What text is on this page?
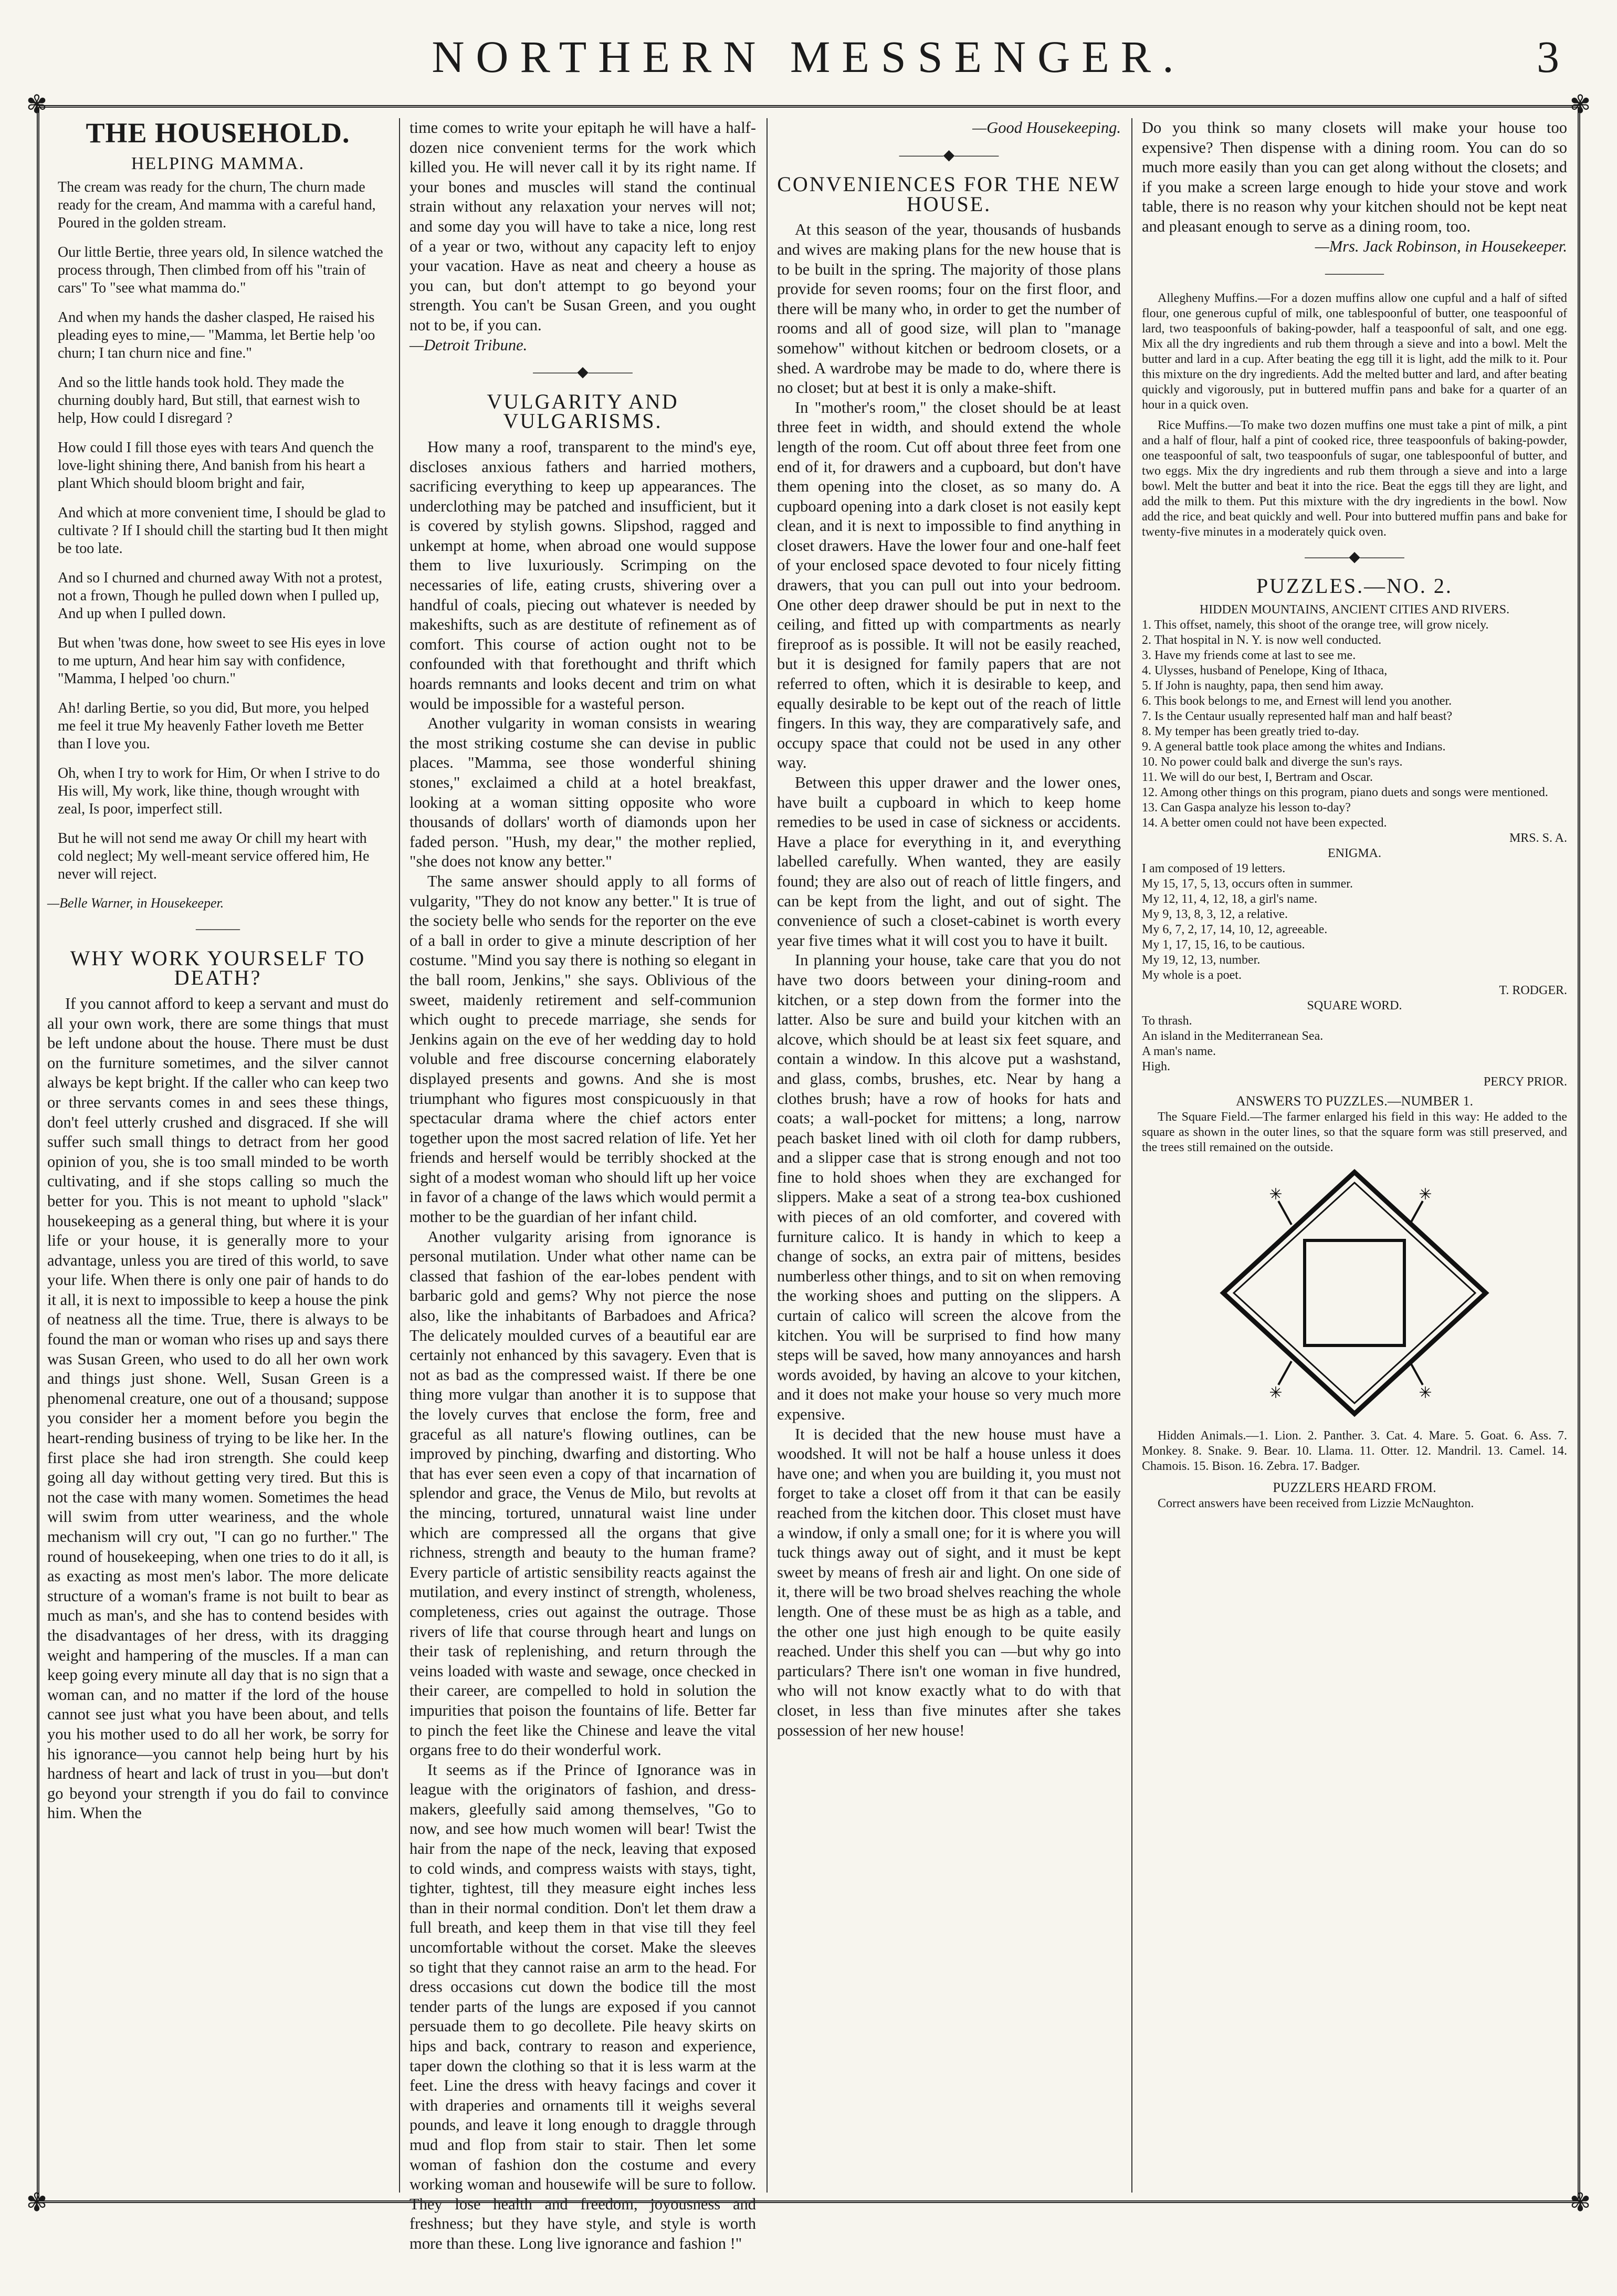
NORTHERN MESSENGER.	3
✾	✾
✾	✾
THE HOUSEHOLD.
HELPING MAMMA.

The cream was ready for the churn, The churn made ready for the cream, And mamma with a careful hand, Poured in the golden stream.

Our little Bertie, three years old, In silence watched the process through, Then climbed from off his "train of cars" To "see what mamma do."

And when my hands the dasher clasped, He raised his pleading eyes to mine,— "Mamma, let Bertie help 'oo churn; I tan churn nice and fine."

And so the little hands took hold. They made the churning doubly hard, But still, that earnest wish to help, How could I disregard ?

How could I fill those eyes with tears And quench the love-light shining there, And banish from his heart a plant Which should bloom bright and fair,

And which at more convenient time, I should be glad to cultivate ? If I should chill the starting bud It then might be too late.

And so I churned and churned away With not a protest, not a frown, Though he pulled down when I pulled up, And up when I pulled down.

But when 'twas done, how sweet to see His eyes in love to me upturn, And hear him say with confidence, "Mamma, I helped 'oo churn."

Ah! darling Bertie, so you did, But more, you helped me feel it true My heavenly Father loveth me Better than I love you.

Oh, when I try to work for Him, Or when I strive to do His will, My work, like thine, though wrought with zeal, Is poor, imperfect still.

But he will not send me away Or chill my heart with cold neglect; My well-meant service offered him, He never will reject.

—Belle Warner, in Housekeeper.
———
WHY WORK YOURSELF TO DEATH?

If you cannot afford to keep a servant and must do all your own work, there are some things that must be left undone about the house. There must be dust on the furniture sometimes, and the silver cannot always be kept bright. If the caller who can keep two or three servants comes in and sees these things, don't feel utterly crushed and disgraced. If she will suffer such small things to detract from her good opinion of you, she is too small minded to be worth cultivating, and if she stops calling so much the better for you. This is not meant to uphold "slack" housekeeping as a general thing, but where it is your life or your house, it is generally more to your advantage, unless you are tired of this world, to save your life. When there is only one pair of hands to do it all, it is next to impossible to keep a house the pink of neatness all the time. True, there is always to be found the man or woman who rises up and says there was Susan Green, who used to do all her own work and things just shone. Well, Susan Green is a phenomenal creature, one out of a thousand; suppose you consider her a moment before you begin the heart-rending business of trying to be like her. In the first place she had iron strength. She could keep going all day without getting very tired. But this is not the case with many women. Sometimes the head will swim from utter weariness, and the whole mechanism will cry out, "I can go no further." The round of housekeeping, when one tries to do it all, is as exacting as most men's labor. The more delicate structure of a woman's frame is not built to bear as much as man's, and she has to contend besides with the disadvantages of her dress, with its dragging weight and hampering of the muscles. If a man can keep going every minute all day that is no sign that a woman can, and no matter if the lord of the house cannot see just what you have been about, and tells you his mother used to do all her work, be sorry for his ignorance—you cannot help being hurt by his hardness of heart and lack of trust in you—but don't go beyond your strength if you do fail to convince him. When the

time comes to write your epitaph he will have a half-dozen nice convenient terms for the work which killed you. He will never call it by its right name. If your bones and muscles will stand the continual strain without any relaxation your nerves will not; and some day you will have to take a nice, long rest of a year or two, without any capacity left to enjoy your vacation. Have as neat and cheery a house as you can, but don't attempt to go beyond your strength. You can't be Susan Green, and you ought not to be, if you can.

—Detroit Tribune.
———◆———
VULGARITY AND VULGARISMS.

How many a roof, transparent to the mind's eye, discloses anxious fathers and harried mothers, sacrificing everything to keep up appearances. The underclothing may be patched and insufficient, but it is covered by stylish gowns. Slipshod, ragged and unkempt at home, when abroad one would suppose them to live luxuriously. Scrimping on the necessaries of life, eating crusts, shivering over a handful of coals, piecing out whatever is needed by makeshifts, such as are destitute of refinement as of comfort. This course of action ought not to be confounded with that forethought and thrift which hoards remnants and looks decent and trim on what would be impossible for a wasteful person.

Another vulgarity in woman consists in wearing the most striking costume she can devise in public places. "Mamma, see those wonderful shining stones," exclaimed a child at a hotel breakfast, looking at a woman sitting opposite who wore thousands of dollars' worth of diamonds upon her faded person. "Hush, my dear," the mother replied, "she does not know any better."

The same answer should apply to all forms of vulgarity, "They do not know any better." It is true of the society belle who sends for the reporter on the eve of a ball in order to give a minute description of her costume. "Mind you say there is nothing so elegant in the ball room, Jenkins," she says. Oblivious of the sweet, maidenly retirement and self-communion which ought to precede marriage, she sends for Jenkins again on the eve of her wedding day to hold voluble and free discourse concerning elaborately displayed presents and gowns. And she is most triumphant who figures most conspicuously in that spectacular drama where the chief actors enter together upon the most sacred relation of life. Yet her friends and herself would be terribly shocked at the sight of a modest woman who should lift up her voice in favor of a change of the laws which would permit a mother to be the guardian of her infant child.

Another vulgarity arising from ignorance is personal mutilation. Under what other name can be classed that fashion of the ear-lobes pendent with barbaric gold and gems? Why not pierce the nose also, like the inhabitants of Barbadoes and Africa? The delicately moulded curves of a beautiful ear are certainly not enhanced by this savagery. Even that is not as bad as the compressed waist. If there be one thing more vulgar than another it is to suppose that the lovely curves that enclose the form, free and graceful as all nature's flowing outlines, can be improved by pinching, dwarfing and distorting. Who that has ever seen even a copy of that incarnation of splendor and grace, the Venus de Milo, but revolts at the mincing, tortured, unnatural waist line under which are compressed all the organs that give richness, strength and beauty to the human frame? Every particle of artistic sensibility reacts against the mutilation, and every instinct of strength, wholeness, completeness, cries out against the outrage. Those rivers of life that course through heart and lungs on their task of replenishing, and return through the veins loaded with waste and sewage, once checked in their career, are compelled to hold in solution the impurities that poison the fountains of life. Better far to pinch the feet like the Chinese and leave the vital organs free to do their wonderful work.

It seems as if the Prince of Ignorance was in league with the originators of fashion, and dress-makers, gleefully said among themselves, "Go to now, and see how much women will bear! Twist the hair from the nape of the neck, leaving that exposed to cold winds, and compress waists with stays, tight, tighter, tightest, till they measure eight inches less than in their normal condition. Don't let them draw a full breath, and keep them in that vise till they feel uncomfortable without the corset. Make the sleeves so tight that they cannot raise an arm to the head. For dress occasions cut down the bodice till the most tender parts of the lungs are exposed if you cannot persuade them to go decollete. Pile heavy skirts on hips and back, contrary to reason and experience, taper down the clothing so that it is less warm at the feet. Line the dress with heavy facings and cover it with draperies and ornaments till it weighs several pounds, and leave it long enough to draggle through mud and flop from stair to stair. Then let some woman of fashion don the costume and every working woman and housewife will be sure to follow. They lose health and freedom, joyousness and freshness; but they have style, and style is worth more than these. Long live ignorance and fashion !"

—Good Housekeeping.
———◆———
CONVENIENCES FOR THE NEW HOUSE.

At this season of the year, thousands of husbands and wives are making plans for the new house that is to be built in the spring. The majority of those plans provide for seven rooms; four on the first floor, and there will be many who, in order to get the number of rooms and all of good size, will plan to "manage somehow" without kitchen or bedroom closets, or a shed. A wardrobe may be made to do, where there is no closet; but at best it is only a make-shift.

In "mother's room," the closet should be at least three feet in width, and should extend the whole length of the room. Cut off about three feet from one end of it, for drawers and a cupboard, but don't have them opening into the closet, as so many do. A cupboard opening into a dark closet is not easily kept clean, and it is next to impossible to find anything in closet drawers. Have the lower four and one-half feet of your enclosed space devoted to four nicely fitting drawers, that you can pull out into your bedroom. One other deep drawer should be put in next to the ceiling, and fitted up with compartments as nearly fireproof as is possible. It will not be easily reached, but it is designed for family papers that are not referred to often, which it is desirable to keep, and equally desirable to be kept out of the reach of little fingers. In this way, they are comparatively safe, and occupy space that could not be used in any other way.

Between this upper drawer and the lower ones, have built a cupboard in which to keep home remedies to be used in case of sickness or accidents. Have a place for everything in it, and everything labelled carefully. When wanted, they are easily found; they are also out of reach of little fingers, and can be kept from the light, and out of sight. The convenience of such a closet-cabinet is worth every year five times what it will cost you to have it built.

In planning your house, take care that you do not have two doors between your dining-room and kitchen, or a step down from the former into the latter. Also be sure and build your kitchen with an alcove, which should be at least six feet square, and contain a window. In this alcove put a washstand, and glass, combs, brushes, etc. Near by hang a clothes brush; have a row of hooks for hats and coats; a wall-pocket for mittens; a long, narrow peach basket lined with oil cloth for damp rubbers, and a slipper case that is strong enough and not too fine to hold shoes when they are exchanged for slippers. Make a seat of a strong tea-box cushioned with pieces of an old comforter, and covered with furniture calico. It is handy in which to keep a change of socks, an extra pair of mittens, besides numberless other things, and to sit on when removing the working shoes and putting on the slippers. A curtain of calico will screen the alcove from the kitchen. You will be surprised to find how many steps will be saved, how many annoyances and harsh words avoided, by having an alcove to your kitchen, and it does not make your house so very much more expensive.

It is decided that the new house must have a woodshed. It will not be half a house unless it does have one; and when you are building it, you must not forget to take a closet off from it that can be easily reached from the kitchen door. This closet must have a window, if only a small one; for it is where you will tuck things away out of sight, and it must be kept sweet by means of fresh air and light. On one side of it, there will be two broad shelves reaching the whole length. One of these must be as high as a table, and the other one just high enough to be quite easily reached. Under this shelf you can —but why go into particulars? There isn't one woman in five hundred, who will not know exactly what to do with that closet, in less than five minutes after she takes possession of her new house!

Do you think so many closets will make your house too expensive? Then dispense with a dining room. You can do so much more easily than you can get along without the closets; and if you make a screen large enough to hide your stove and work table, there is no reason why your kitchen should not be kept neat and pleasant enough to serve as a dining room, too.

—Mrs. Jack Robinson, in Housekeeper.
————

Allegheny Muffins.—For a dozen muffins allow one cupful and a half of sifted flour, one generous cupful of milk, one tablespoonful of butter, one teaspoonful of lard, two teaspoonfuls of baking-powder, half a teaspoonful of salt, and one egg. Mix all the dry ingredients and rub them through a sieve and into a bowl. Melt the butter and lard in a cup. After beating the egg till it is light, add the milk to it. Pour this mixture on the dry ingredients. Add the melted butter and lard, and after beating quickly and vigorously, put in buttered muffin pans and bake for a quarter of an hour in a quick oven.

Rice Muffins.—To make two dozen muffins one must take a pint of milk, a pint and a half of flour, half a pint of cooked rice, three teaspoonfuls of baking-powder, one teaspoonful of salt, two teaspoonfuls of sugar, one tablespoonful of butter, and two eggs. Mix the dry ingredients and rub them through a sieve and into a large bowl. Melt the butter and beat it into the rice. Beat the eggs till they are light, and add the milk to them. Put this mixture with the dry ingredients in the bowl. Now add the rice, and beat quickly and well. Pour into buttered muffin pans and bake for twenty-five minutes in a moderately quick oven.

———◆———
PUZZLES.—NO. 2.
HIDDEN MOUNTAINS, ANCIENT CITIES AND RIVERS.
1. This offset, namely, this shoot of the orange tree, will grow nicely.
2. That hospital in N. Y. is now well conducted.
3. Have my friends come at last to see me.
4. Ulysses, husband of Penelope, King of Ithaca,
5. If John is naughty, papa, then send him away.
6. This book belongs to me, and Ernest will lend you another.
7. Is the Centaur usually represented half man and half beast?
8. My temper has been greatly tried to-day.
9. A general battle took place among the whites and Indians.
10. No power could balk and diverge the sun's rays.
11. We will do our best, I, Bertram and Oscar.
12. Among other things on this program, piano duets and songs were mentioned.
13. Can Gaspa analyze his lesson to-day?
14. A better omen could not have been expected.
MRS. S. A.
ENIGMA.
I am composed of 19 letters.
My 15, 17, 5, 13, occurs often in summer.
My 12, 11, 4, 12, 18, a girl's name.
My 9, 13, 8, 3, 12, a relative.
My 6, 7, 2, 17, 14, 10, 12, agreeable.
My 1, 17, 15, 16, to be cautious.
My 19, 12, 13, number.
My whole is a poet.
T. RODGER.
SQUARE WORD.
To thrash.
An island in the Mediterranean Sea.
A man's name.
High.
PERCY PRIOR.
ANSWERS TO PUZZLES.—NUMBER 1.

The Square Field.—The farmer enlarged his field in this way: He added to the square as shown in the outer lines, so that the square form was still preserved, and the trees still remained on the outside.

✳	✳
✳	✳

Hidden Animals.—1. Lion. 2. Panther. 3. Cat. 4. Mare. 5. Goat. 6. Ass. 7. Monkey. 8. Snake. 9. Bear. 10. Llama. 11. Otter. 12. Mandril. 13. Camel. 14. Chamois. 15. Bison. 16. Zebra. 17. Badger.

PUZZLERS HEARD FROM.

Correct answers have been received from Lizzie McNaughton.
